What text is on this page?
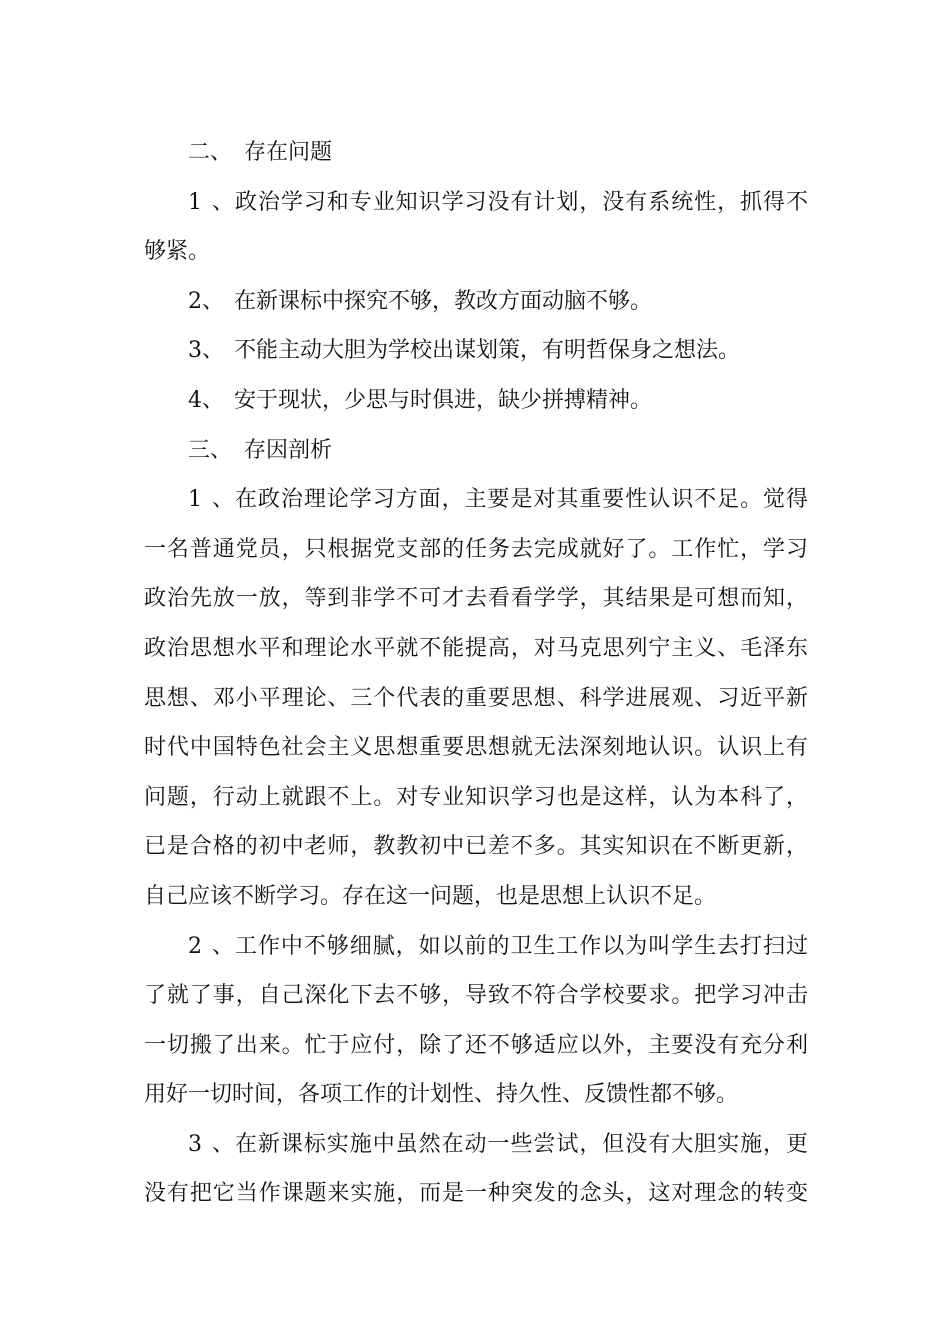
二、 存在问题
1、政治学习和专业知识学习没有计划，没有系统性，抓得不
够紧。
2、 在新课标中探究不够，教改方面动脑不够。
3、 不能主动大胆为学校出谋划策，有明哲保身之想法。
4、 安于现状，少思与时俱进，缺少拼搏精神。
三、 存因剖析
1、在政治理论学习方面，主要是对其重要性认识不足。觉得
一名普通党员，只根据党支部的任务去完成就好了。工作忙，学习
政治先放一放，等到非学不可才去看看学学，其结果是可想而知，
政治思想水平和理论水平就不能提高，对马克思列宁主义、毛泽东
思想、邓小平理论、三个代表的重要思想、科学进展观、习近平新
时代中国特色社会主义思想重要思想就无法深刻地认识。认识上有
问题，行动上就跟不上。对专业知识学习也是这样，认为本科了，
已是合格的初中老师，教教初中已差不多。其实知识在不断更新，
自己应该不断学习。存在这一问题，也是思想上认识不足。
2、工作中不够细腻，如以前的卫生工作以为叫学生去打扫过
了就了事，自己深化下去不够，导致不符合学校要求。把学习冲击
一切搬了出来。忙于应付，除了还不够适应以外，主要没有充分利
用好一切时间，各项工作的计划性、持久性、反馈性都不够。
3、在新课标实施中虽然在动一些尝试，但没有大胆实施，更
没有把它当作课题来实施，而是一种突发的念头，这对理念的转变
